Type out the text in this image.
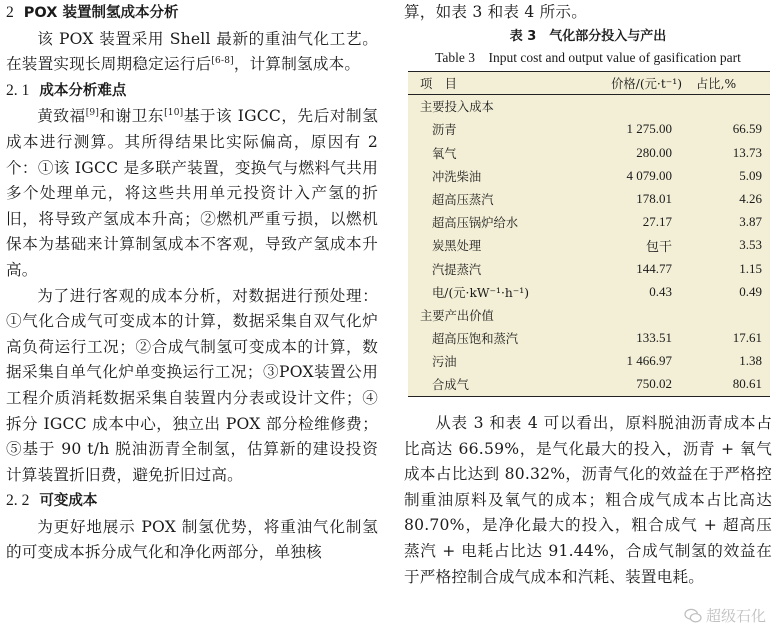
2 POX 装置制氢成本分析

该 POX 装置采用 Shell 最新的重油气化工艺。在装置实现长周期稳定运行后[6-8]，计算制氢成本。

2. 1 成本分析难点

黄致福[9]和谢卫东[10]基于该 IGCC，先后对制氢成本进行测算。其所得结果比实际偏高，原因有 2 个：①该 IGCC 是多联产装置，变换气与燃料气共用多个处理单元，将这些共用单元投资计入产氢的折旧，将导致产氢成本升高；②燃机严重亏损，以燃机保本为基础来计算制氢成本不客观，导致产氢成本升高。

为了进行客观的成本分析，对数据进行预处理：①气化合成气可变成本的计算，数据采集自双气化炉高负荷运行工况；②合成气制氢可变成本的计算，数据采集自单气化炉单变换运行工况；③POX装置公用工程介质消耗数据采集自装置内分表或设计文件；④拆分 IGCC 成本中心，独立出 POX 部分检维修费；⑤基于 90 t/h 脱油沥青全制氢，估算新的建设投资计算装置折旧费，避免折旧过高。

2. 2 可变成本

为更好地展示 POX 制氢优势，将重油气化制氢的可变成本拆分成气化和净化两部分，单独核

算，如表 3 和表 4 所示。

表 3　气化部分投入与产出

Table 3　Input cost and output value of gasification part

项　目	价格/(元·t⁻¹)	占比,%
主要投入成本		
沥青	1 275.00	66.59
氧气	280.00	13.73
冲洗柴油	4 079.00	5.09
超高压蒸汽	178.01	4.26
超高压锅炉给水	27.17	3.87
炭黑处理	包干	3.53
汽提蒸汽	144.77	1.15
电/(元·kW⁻¹·h⁻¹)	0.43	0.49
主要产出价值		
超高压饱和蒸汽	133.51	17.61
污油	1 466.97	1.38
合成气	750.02	80.61

从表 3 和表 4 可以看出，原料脱油沥青成本占比高达 66.59%，是气化最大的投入，沥青 + 氧气成本占比达到 80.32%，沥青气化的效益在于严格控制重油原料及氧气的成本；粗合成气成本占比高达 80.70%，是净化最大的投入，粗合成气 + 超高压蒸汽 + 电耗占比达 91.44%，合成气制氢的效益在于严格控制合成气成本和汽耗、装置电耗。

超级石化
